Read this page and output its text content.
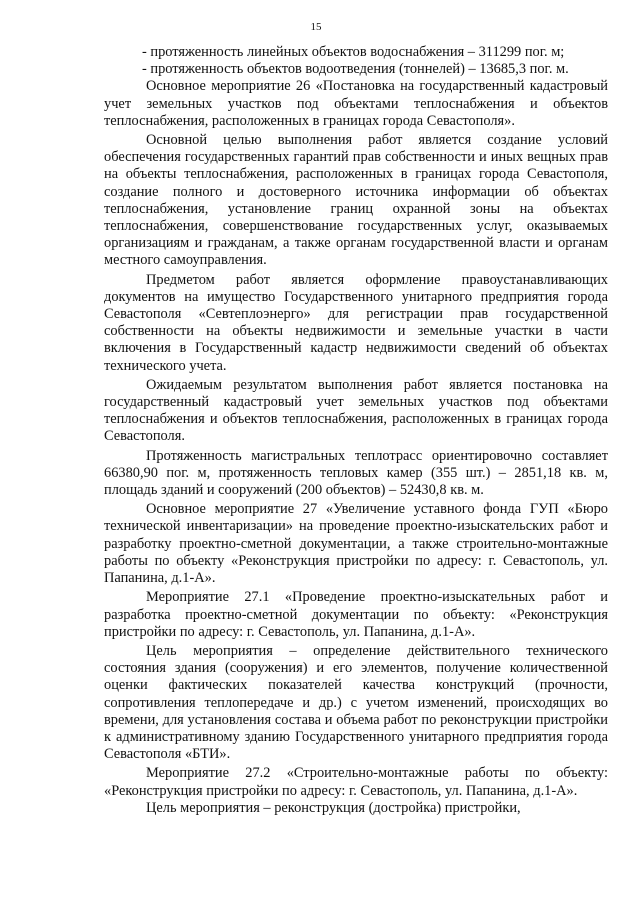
15

- протяженность линейных объектов водоснабжения – 311299 пог. м;

- протяженность объектов водоотведения (тоннелей) – 13685,3 пог. м.

Основное мероприятие 26 «Постановка на государственный кадастровый учет земельных участков под объектами теплоснабжения и объектов теплоснабжения, расположенных в границах города Севастополя».

Основной целью выполнения работ является создание условий обеспечения государственных гарантий прав собственности и иных вещных прав на объекты теплоснабжения, расположенных в границах города Севастополя, создание полного и достоверного источника информации об объектах теплоснабжения, установление границ охранной зоны на объектах теплоснабжения, совершенствование государственных услуг, оказываемых организациям и гражданам, а также органам государственной власти и органам местного самоуправления.

Предметом работ является оформление правоустанавливающих документов на имущество Государственного унитарного предприятия города Севастополя «Севтеплоэнерго» для регистрации прав государственной собственности на объекты недвижимости и земельные участки в части включения в Государственный кадастр недвижимости сведений об объектах технического учета.

Ожидаемым результатом выполнения работ является постановка на государственный кадастровый учет земельных участков под объектами теплоснабжения и объектов теплоснабжения, расположенных в границах города Севастополя.

Протяженность магистральных теплотрасс ориентировочно составляет 66380,90 пог. м, протяженность тепловых камер (355 шт.) – 2851,18 кв. м, площадь зданий и сооружений (200 объектов) – 52430,8 кв. м.

Основное мероприятие 27 «Увеличение уставного фонда ГУП «Бюро технической инвентаризации» на проведение проектно-изыскательских работ и разработку проектно-сметной документации, а также строительно-монтажные работы по объекту «Реконструкция пристройки по адресу: г. Севастополь, ул. Папанина, д.1-А».

Мероприятие 27.1 «Проведение проектно-изыскательных работ и разработка проектно-сметной документации по объекту: «Реконструкция пристройки по адресу: г. Севастополь, ул. Папанина, д.1-А».

Цель мероприятия – определение действительного технического состояния здания (сооружения) и его элементов, получение количественной оценки фактических показателей качества конструкций (прочности, сопротивления теплопередаче и др.) с учетом изменений, происходящих во времени, для установления состава и объема работ по реконструкции пристройки к административному зданию Государственного унитарного предприятия города Севастополя «БТИ».

Мероприятие 27.2 «Строительно-монтажные работы по объекту: «Реконструкция пристройки по адресу: г. Севастополь, ул. Папанина, д.1-А».

Цель мероприятия – реконструкция (достройка) пристройки,
